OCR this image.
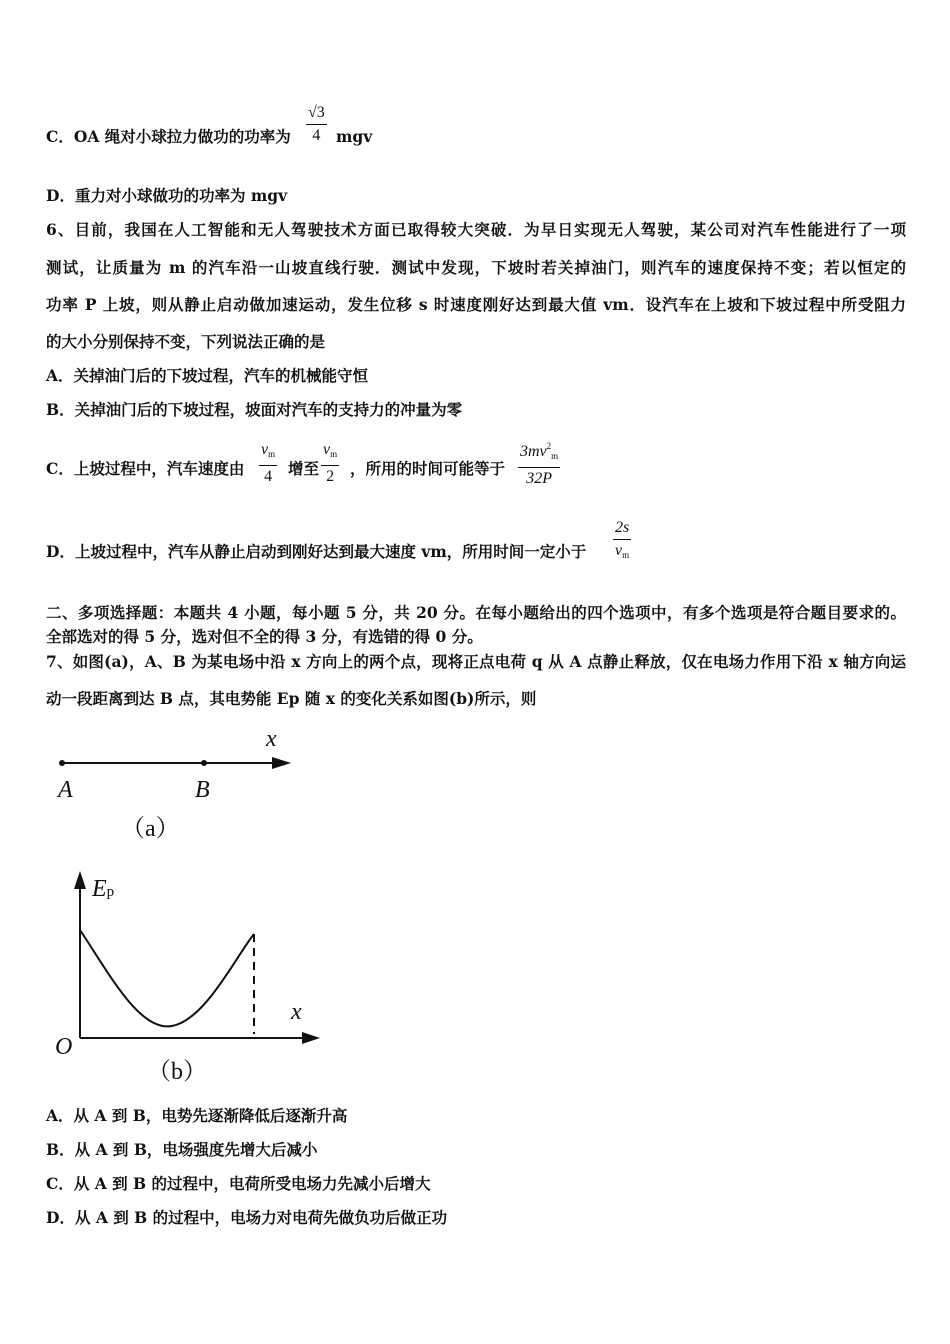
C．OA 绳对小球拉力做功的功率为 $\frac{√3}{4}$ mgv
D．重力对小球做功的功率为 mgv
6、目前，我国在人工智能和无人驾驶技术方面已取得较大突破．为早日实现无人驾驶，某公司对汽车性能进行了一项
测试，让质量为 m 的汽车沿一山坡直线行驶．测试中发现，下坡时若关掉油门，则汽车的速度保持不变；若以恒定的
功率 P 上坡，则从静止启动做加速运动，发生位移 s 时速度刚好达到最大值 vm．设汽车在上坡和下坡过程中所受阻力
的大小分别保持不变，下列说法正确的是
A．关掉油门后的下坡过程，汽车的机械能守恒
B．关掉油门后的下坡过程，坡面对汽车的支持力的冲量为零
C．上坡过程中，汽车速度由 $\frac{v_m}{4}$ 增至 $\frac{v_m}{2}$ ，所用的时间可能等于 $\frac{3mv^2_m}{32P}$
D．上坡过程中，汽车从静止启动到刚好达到最大速度 vm，所用时间一定小于 $\frac{2s}{v_m}$
二、多项选择题：本题共 4 小题，每小题 5 分，共 20 分。在每小题给出的四个选项中，有多个选项是符合题目要求的。
全部选对的得 5 分，选对但不全的得 3 分，有选错的得 0 分。
7、如图(a)，A、B 为某电场中沿 x 方向上的两个点，现将正点电荷 q 从 A 点静止释放，仅在电场力作用下沿 x 轴方向运
动一段距离到达 B 点，其电势能 Ep 随 x 的变化关系如图(b)所示，则
x
A	B
（a）
Ep
x
O
（b）
A．从 A 到 B，电势先逐渐降低后逐渐升高
B．从 A 到 B，电场强度先增大后减小
C．从 A 到 B 的过程中，电荷所受电场力先减小后增大
D．从 A 到 B 的过程中，电场力对电荷先做负功后做正功
